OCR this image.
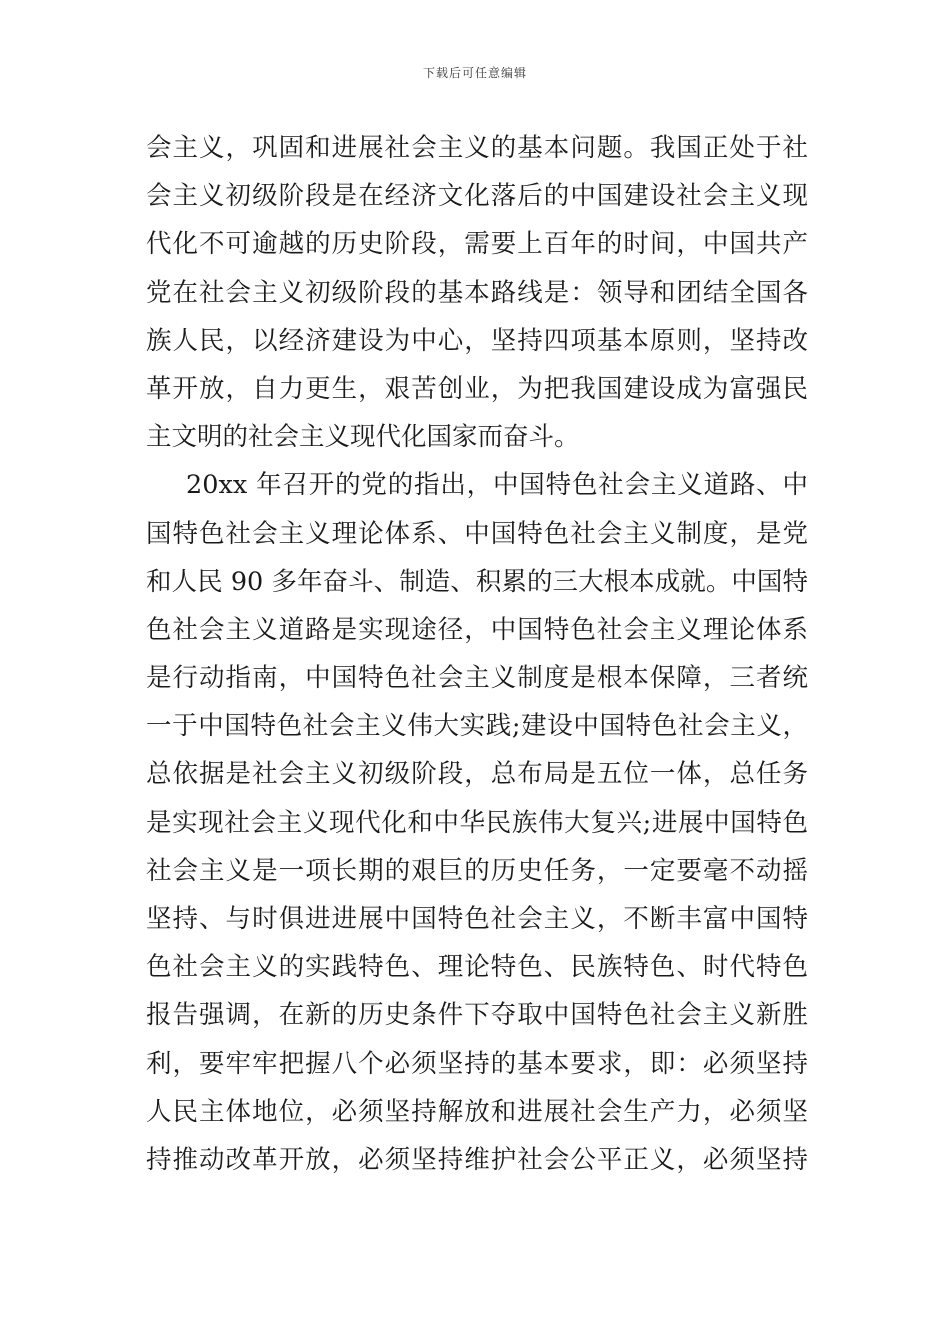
下载后可任意编辑
会主义，巩固和进展社会主义的基本问题。我国正处于社
会主义初级阶段是在经济文化落后的中国建设社会主义现
代化不可逾越的历史阶段，需要上百年的时间，中国共产
党在社会主义初级阶段的基本路线是：领导和团结全国各
族人民，以经济建设为中心，坚持四项基本原则，坚持改
革开放，自力更生，艰苦创业，为把我国建设成为富强民
主文明的社会主义现代化国家而奋斗。
20xx 年召开的党的指出，中国特色社会主义道路、中
国特色社会主义理论体系、中国特色社会主义制度，是党
和人民 90 多年奋斗、制造、积累的三大根本成就。中国特
色社会主义道路是实现途径，中国特色社会主义理论体系
是行动指南，中国特色社会主义制度是根本保障，三者统
一于中国特色社会主义伟大实践;建设中国特色社会主义，
总依据是社会主义初级阶段，总布局是五位一体，总任务
是实现社会主义现代化和中华民族伟大复兴;进展中国特色
社会主义是一项长期的艰巨的历史任务，一定要毫不动摇
坚持、与时俱进进展中国特色社会主义，不断丰富中国特
色社会主义的实践特色、理论特色、民族特色、时代特色
报告强调，在新的历史条件下夺取中国特色社会主义新胜
利，要牢牢把握八个必须坚持的基本要求，即：必须坚持
人民主体地位，必须坚持解放和进展社会生产力，必须坚
持推动改革开放，必须坚持维护社会公平正义，必须坚持
